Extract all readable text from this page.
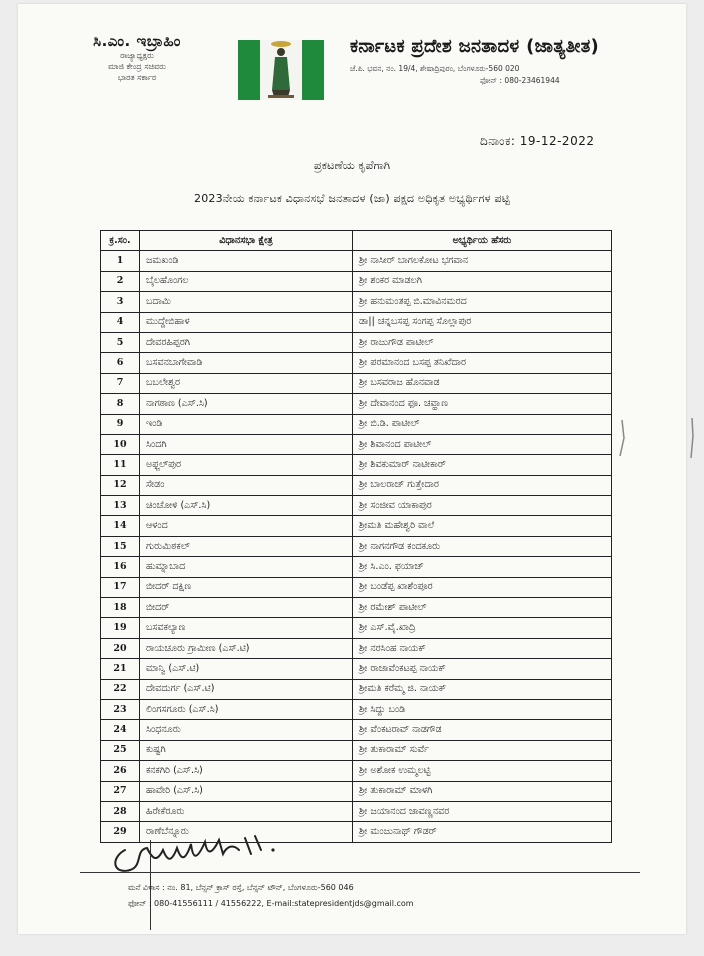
ಸಿ.ಎಂ. ಇಬ್ರಾಹಿಂ
ರಾಜ್ಯಾಧ್ಯಕ್ಷರು
ಮಾಜಿ ಕೇಂದ್ರ ಸಚಿವರು
ಭಾರತ ಸರ್ಕಾರ
ಕರ್ನಾಟಕ ಪ್ರದೇಶ ಜನತಾದಳ (ಜಾತ್ಯತೀತ)
ಜೆ.ಪಿ. ಭವನ, ನಂ. 19/4, ಶೇಷಾದ್ರಿಪುರಂ, ಬೆಂಗಳೂರು-560 020
ಫೋನ್ : 080-23461944
ದಿನಾಂಕ: 19-12-2022
ಪ್ರಕಟಣೆಯ ಕೃಪೆಗಾಗಿ
2023ನೇಯ ಕರ್ನಾಟಕ ವಿಧಾನಸಭೆ ಜನತಾದಳ (ಜಾ) ಪಕ್ಷದ ಅಧಿಕೃತ ಅಭ್ಯರ್ಥಿಗಳ ಪಟ್ಟಿ
ಕ್ರ.ಸಂ.	ವಿಧಾನಸಭಾ ಕ್ಷೇತ್ರ	ಅಭ್ಯರ್ಥಿಯ ಹೆಸರು
1	ಜಮಖಂಡಿ	ಶ್ರೀ ನಾಸೀರ್ ಬಾಗಲಕೋಟ ಭಗವಾನ
2	ಬೈಲಹೊಂಗಲ	ಶ್ರೀ ಶಂಕರ ಮಾಡಲಗಿ
3	ಬದಾಮಿ	ಶ್ರೀ ಹನುಮಂತಪ್ಪ ಬಿ.ಮಾವಿನಮರದ
4	ಮುದ್ದೇಬಿಹಾಳ	ಡಾ|| ಚನ್ನಬಸಪ್ಪ ಸಂಗಪ್ಪ ಸೊಲ್ಲಾಪುರ
5	ದೇವರಹಿಪ್ಪರಗಿ	ಶ್ರೀ ರಾಜುಗೌಡ ಪಾಟೀಲ್
6	ಬಸವನಬಾಗೇವಾಡಿ	ಶ್ರೀ ಪರಮಾನಂದ ಬಸಪ್ಪ ತನಿಖೆದಾರ
7	ಬಬಲೇಶ್ವರ	ಶ್ರೀ ಬಸವರಾಜ ಹೊನವಾಡ
8	ನಾಗಠಾಣ (ಎಸ್.ಸಿ)	ಶ್ರೀ ದೇವಾನಂದ ಫೂ. ಚವ್ಹಾಣ
9	ಇಂಡಿ	ಶ್ರೀ ಬಿ.ಡಿ. ಪಾಟೀಲ್
10	ಸಿಂದಗಿ	ಶ್ರೀ ಶಿವಾನಂದ ಪಾಟೀಲ್
11	ಅಫ್ಜಲ್‌ಪುರ	ಶ್ರೀ ಶಿವಕುಮಾರ್ ನಾಟೀಕಾರ್
12	ಸೇಡಂ	ಶ್ರೀ ಬಾಲರಾಜ್ ಗುತ್ತೇದಾರ
13	ಚಿಂಚೋಳಿ (ಎಸ್.ಸಿ)	ಶ್ರೀ ಸಂಜೀವ ಯಾಕಾಪುರ
14	ಆಳಂದ	ಶ್ರೀಮತಿ ಮಹೇಶ್ವರಿ ವಾಲೆ
15	ಗುರುಮಿಠಕಲ್	ಶ್ರೀ ನಾಗನಗೌಡ ಕಂದಕೂರು
16	ಹುಮ್ನಾಬಾದ	ಶ್ರೀ ಸಿ.ಎಂ. ಫಯಾಜ್
17	ಬೀದರ್ ದಕ್ಷಿಣ	ಶ್ರೀ ಬಂಡೆಪ್ಪ ಖಾಶೆಂಪೂರ
18	ಬೀದರ್	ಶ್ರೀ ರಮೇಶ್ ಪಾಟೀಲ್
19	ಬಸವಕಲ್ಯಾಣ	ಶ್ರೀ ಎಸ್.ವೈ.ಖಾದ್ರಿ
20	ರಾಯಚೂರು ಗ್ರಾಮೀಣ (ಎಸ್.ಟಿ)	ಶ್ರೀ ನರಸಿಂಹ ನಾಯಕ್
21	ಮಾನ್ವಿ (ಎಸ್.ಟಿ)	ಶ್ರೀ ರಾಜಾವೆಂಕಟಪ್ಪ ನಾಯಕ್
22	ದೇವದುರ್ಗ (ಎಸ್.ಟಿ)	ಶ್ರೀಮತಿ ಕರೆಮ್ಮ ಜಿ. ನಾಯಕ್
23	ಲಿಂಗಸಗೂರು (ಎಸ್.ಸಿ)	ಶ್ರೀ ಸಿದ್ದು ಬಂಡಿ
24	ಸಿಂಧನೂರು	ಶ್ರೀ ವೆಂಕಟರಾವ್ ನಾಡಗೌಡ
25	ಕುಷ್ಟಗಿ	ಶ್ರೀ ತುಕಾರಾಮ್ ಸುರ್ವೆ
26	ಕನಕಗಿರಿ (ಎಸ್.ಸಿ)	ಶ್ರೀ ಅಶೋಕ ಉಮ್ಮಲಟ್ಟಿ
27	ಹಾವೇರಿ (ಎಸ್.ಸಿ)	ಶ್ರೀ ತುಕಾರಾಮ್ ಮಾಳಗಿ
28	ಹಿರೇಕೆರೂರು	ಶ್ರೀ ಜಯಾನಂದ ಜಾವಣ್ಣನವರ
29	ರಾಣೆಬೆನ್ನೂರು	ಶ್ರೀ ಮಂಜುನಾಥ್ ಗೌಡರ್
ಮನೆ ವಿಳಾಸ : ನಂ. 81, ಬೆನ್ಸನ್ ಕ್ರಾಸ್ ರಸ್ತೆ, ಬೆನ್ಸನ್ ಟೌನ್, ಬೆಂಗಳೂರು-560 046
ಫೋನ್ : 080-41556111 / 41556222, E-mail:statepresidentjds@gmail.com
